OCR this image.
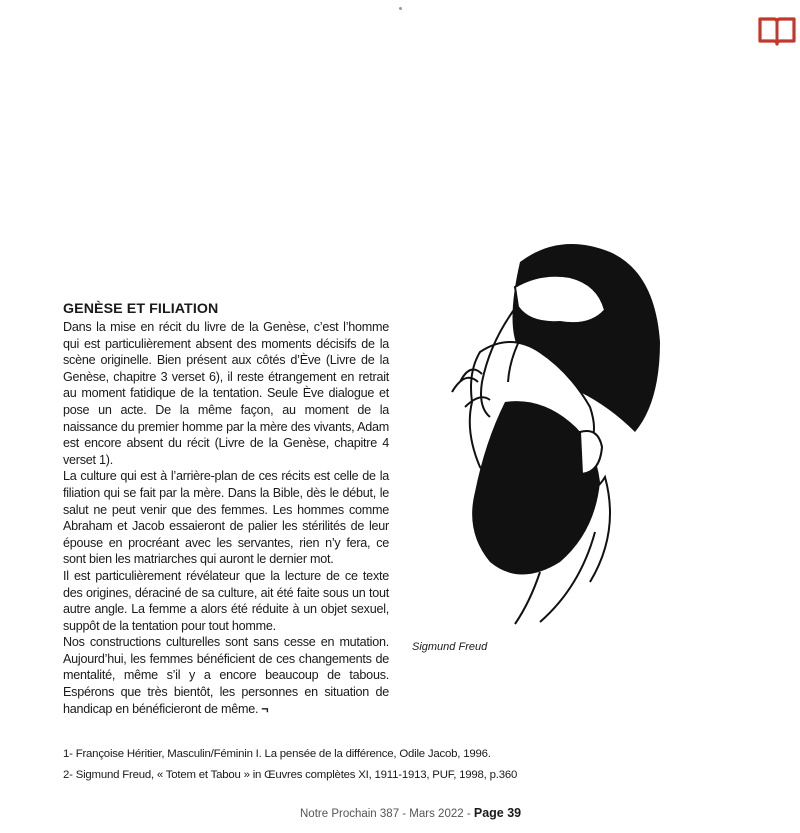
GENÈSE ET FILIATION

Dans la mise en récit du livre de la Genèse, c’est l’homme qui est particulièrement absent des moments décisifs de la scène originelle. Bien présent aux côtés d’Ève (Livre de la Genèse, chapitre 3 verset 6), il reste étrangement en retrait au moment fatidique de la tentation. Seule Ève dialogue et pose un acte. De la même façon, au moment de la naissance du premier homme par la mère des vivants, Adam est encore absent du récit (Livre de la Genèse, chapitre 4 verset 1).

La culture qui est à l’arrière-plan de ces récits est celle de la filiation qui se fait par la mère. Dans la Bible, dès le début, le salut ne peut venir que des femmes. Les hommes comme Abraham et Jacob essaieront de palier les stérilités de leur épouse en procréant avec les servantes, rien n’y fera, ce sont bien les matriarches qui auront le dernier mot.

Il est particulièrement révélateur que la lecture de ce texte des origines, déraciné de sa culture, ait été faite sous un tout autre angle. La femme a alors été réduite à un objet sexuel, suppôt de la tentation pour tout homme.

Nos constructions culturelles sont sans cesse en mutation. Aujourd’hui, les femmes bénéficient de ces changements de mentalité, même s’il y a encore beaucoup de tabous. Espérons que très bientôt, les personnes en situation de handicap en bénéficieront de même. ¬

Sigmund Freud

1- Françoise Héritier, Masculin/Féminin I. La pensée de la différence, Odile Jacob, 1996.

2- Sigmund Freud, « Totem et Tabou » in Œuvres complètes XI, 1911-1913, PUF, 1998, p.360

Notre Prochain 387 - Mars 2022 - Page 39
